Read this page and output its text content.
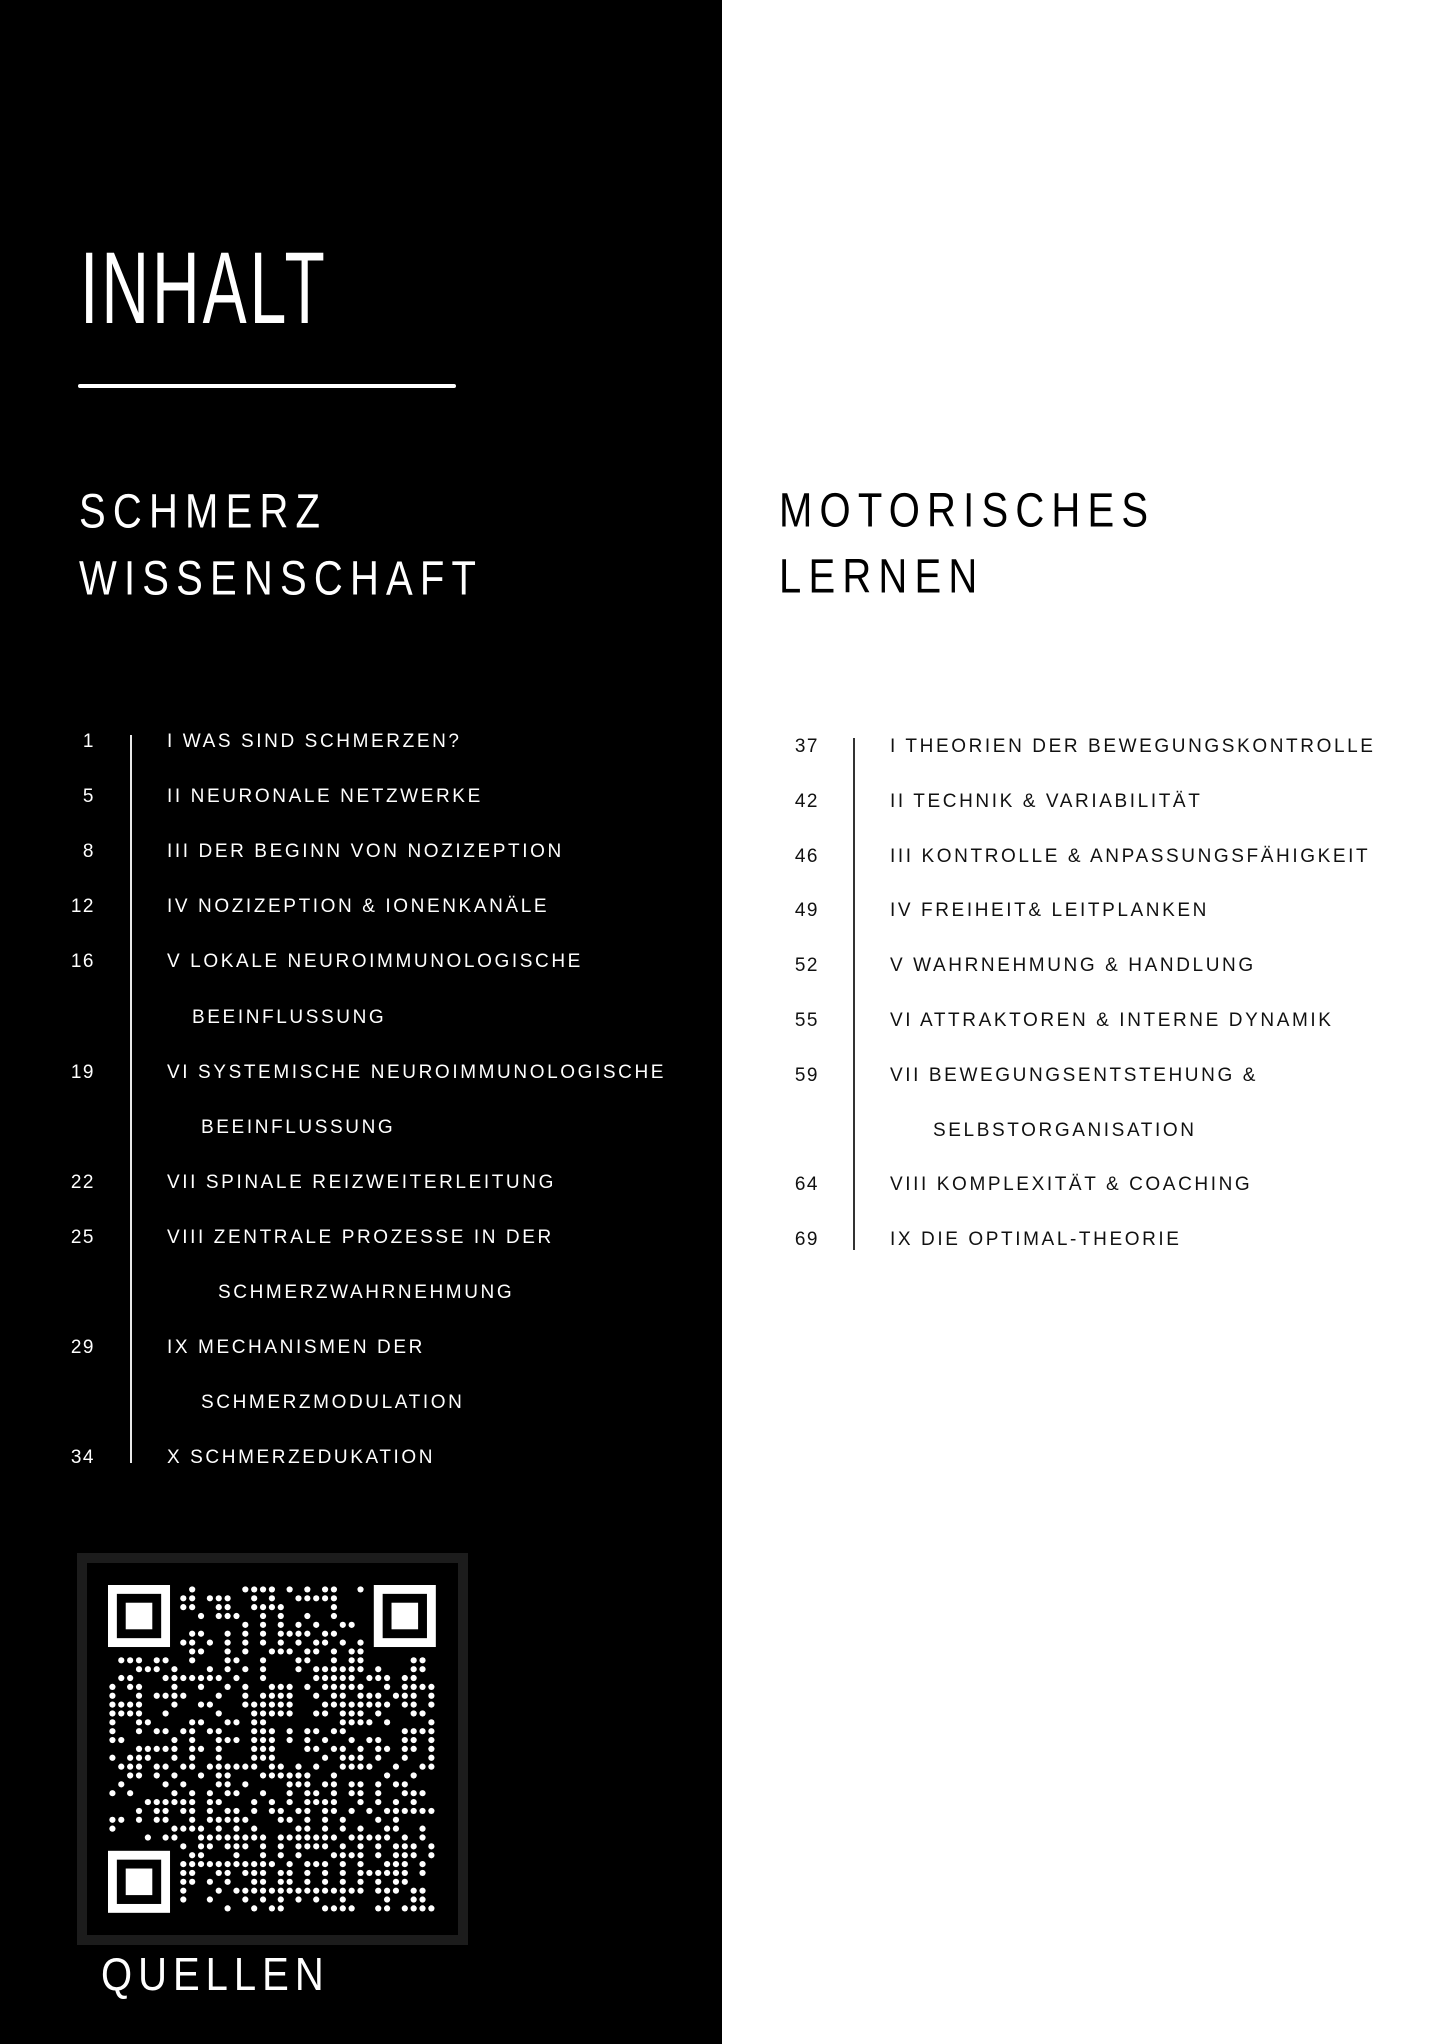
INHALT
SCHMERZ
WISSENSCHAFT
1	I WAS SIND SCHMERZEN?
5	II NEURONALE NETZWERKE
8	III DER BEGINN VON NOZIZEPTION
12	IV NOZIZEPTION & IONENKANÄLE
16	V LOKALE NEUROIMMUNOLOGISCHE
BEEINFLUSSUNG
19	VI SYSTEMISCHE NEUROIMMUNOLOGISCHE
BEEINFLUSSUNG
22	VII SPINALE REIZWEITERLEITUNG
25	VIII ZENTRALE PROZESSE IN DER
SCHMERZWAHRNEHMUNG
29	IX MECHANISMEN DER
SCHMERZMODULATION
34	X SCHMERZEDUKATION
QUELLEN
MOTORISCHES
LERNEN
37	I THEORIEN DER BEWEGUNGSKONTROLLE
42	II TECHNIK & VARIABILITÄT
46	III KONTROLLE & ANPASSUNGSFÄHIGKEIT
49	IV FREIHEIT& LEITPLANKEN
52	V WAHRNEHMUNG & HANDLUNG
55	VI ATTRAKTOREN & INTERNE DYNAMIK
59	VII BEWEGUNGSENTSTEHUNG &
SELBSTORGANISATION
64	VIII KOMPLEXITÄT & COACHING
69	IX DIE OPTIMAL-THEORIE
